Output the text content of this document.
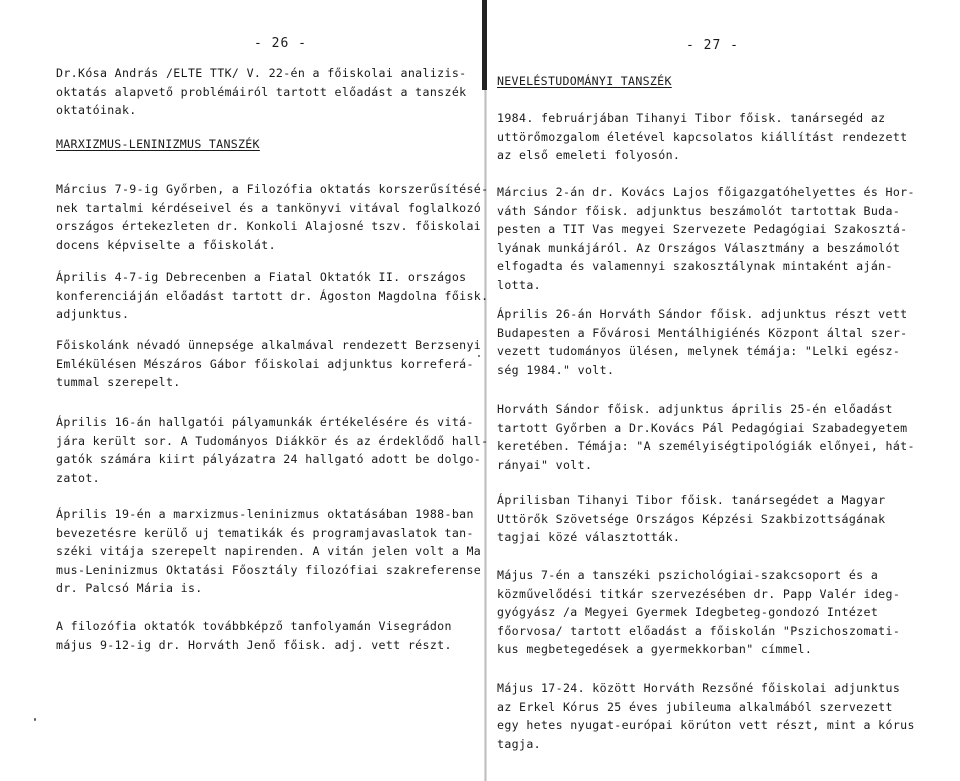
- 26 -

Dr.Kósa András /ELTE TTK/ V. 22-én a főiskolai analizis-
oktatás alapvető problémáiról tartott előadást a tanszék
oktatóinak.

MARXIZMUS-LENINIZMUS TANSZÉK

Március 7-9-ig Győrben, a Filozófia oktatás korszerűsítésé-
nek tartalmi kérdéseivel és a tankönyvi vitával foglalkozó
országos értekezleten dr. Konkoli Alajosné tszv. főiskolai
docens képviselte a főiskolát.

Április 4-7-ig Debrecenben a Fiatal Oktatók II. országos
konferenciáján előadást tartott dr. Ágoston Magdolna főisk.
adjunktus.

Főiskolánk névadó ünnepsége alkalmával rendezett Berzsenyi
Emlékülésen Mészáros Gábor főiskolai adjunktus korreferá-
tummal szerepelt.

Április 16-án hallgatói pályamunkák értékelésére és vitá-
jára került sor. A Tudományos Diákkör és az érdeklődő hall-
gatók számára kiirt pályázatra 24 hallgató adott be dolgo-
zatot.

Április 19-én a marxizmus-leninizmus oktatásában 1988-ban
bevezetésre kerülő uj tematikák és programjavaslatok tan-
széki vitája szerepelt napirenden. A vitán jelen volt a Ma
mus-Leninizmus Oktatási Főosztály filozófiai szakreferense
dr. Palcsó Mária is.

A filozófia oktatók továbbképző tanfolyamán Visegrádon
május 9-12-ig dr. Horváth Jenő főisk. adj. vett részt.

- 27 -
NEVELÉSTUDOMÁNYI TANSZÉK

1984. februárjában Tihanyi Tibor főisk. tanársegéd az
uttörőmozgalom életével kapcsolatos kiállítást rendezett
az első emeleti folyosón.

Március 2-án dr. Kovács Lajos főigazgatóhelyettes és Hor-
váth Sándor főisk. adjunktus beszámolót tartottak Buda-
pesten a TIT Vas megyei Szervezete Pedagógiai Szakosztá-
lyának munkájáról. Az Országos Választmány a beszámolót
elfogadta és valamennyi szakosztálynak mintaként aján-
lotta.

Április 26-án Horváth Sándor főisk. adjunktus részt vett
Budapesten a Fővárosi Mentálhigiénés Központ által szer-
vezett tudományos ülésen, melynek témája: "Lelki egész-
ség 1984." volt.

Horváth Sándor főisk. adjunktus április 25-én előadást
tartott Győrben a Dr.Kovács Pál Pedagógiai Szabadegyetem
keretében. Témája: "A személyiségtipológiák előnyei, hát-
rányai" volt.

Áprilisban Tihanyi Tibor főisk. tanársegédet a Magyar
Uttörők Szövetsége Országos Képzési Szakbizottságának
tagjai közé választották.

Május 7-én a tanszéki pszichológiai-szakcsoport és a
közművelődési titkár szervezésében dr. Papp Valér ideg-
gyógyász /a Megyei Gyermek Idegbeteg-gondozó Intézet
főorvosa/ tartott előadást a főiskolán "Pszichoszomati-
kus megbetegedések a gyermekkorban" címmel.

Május 17-24. között Horváth Rezsőné főiskolai adjunktus
az Erkel Kórus 25 éves jubileuma alkalmából szervezett
egy hetes nyugat-európai körúton vett részt, mint a kórus
tagja.
